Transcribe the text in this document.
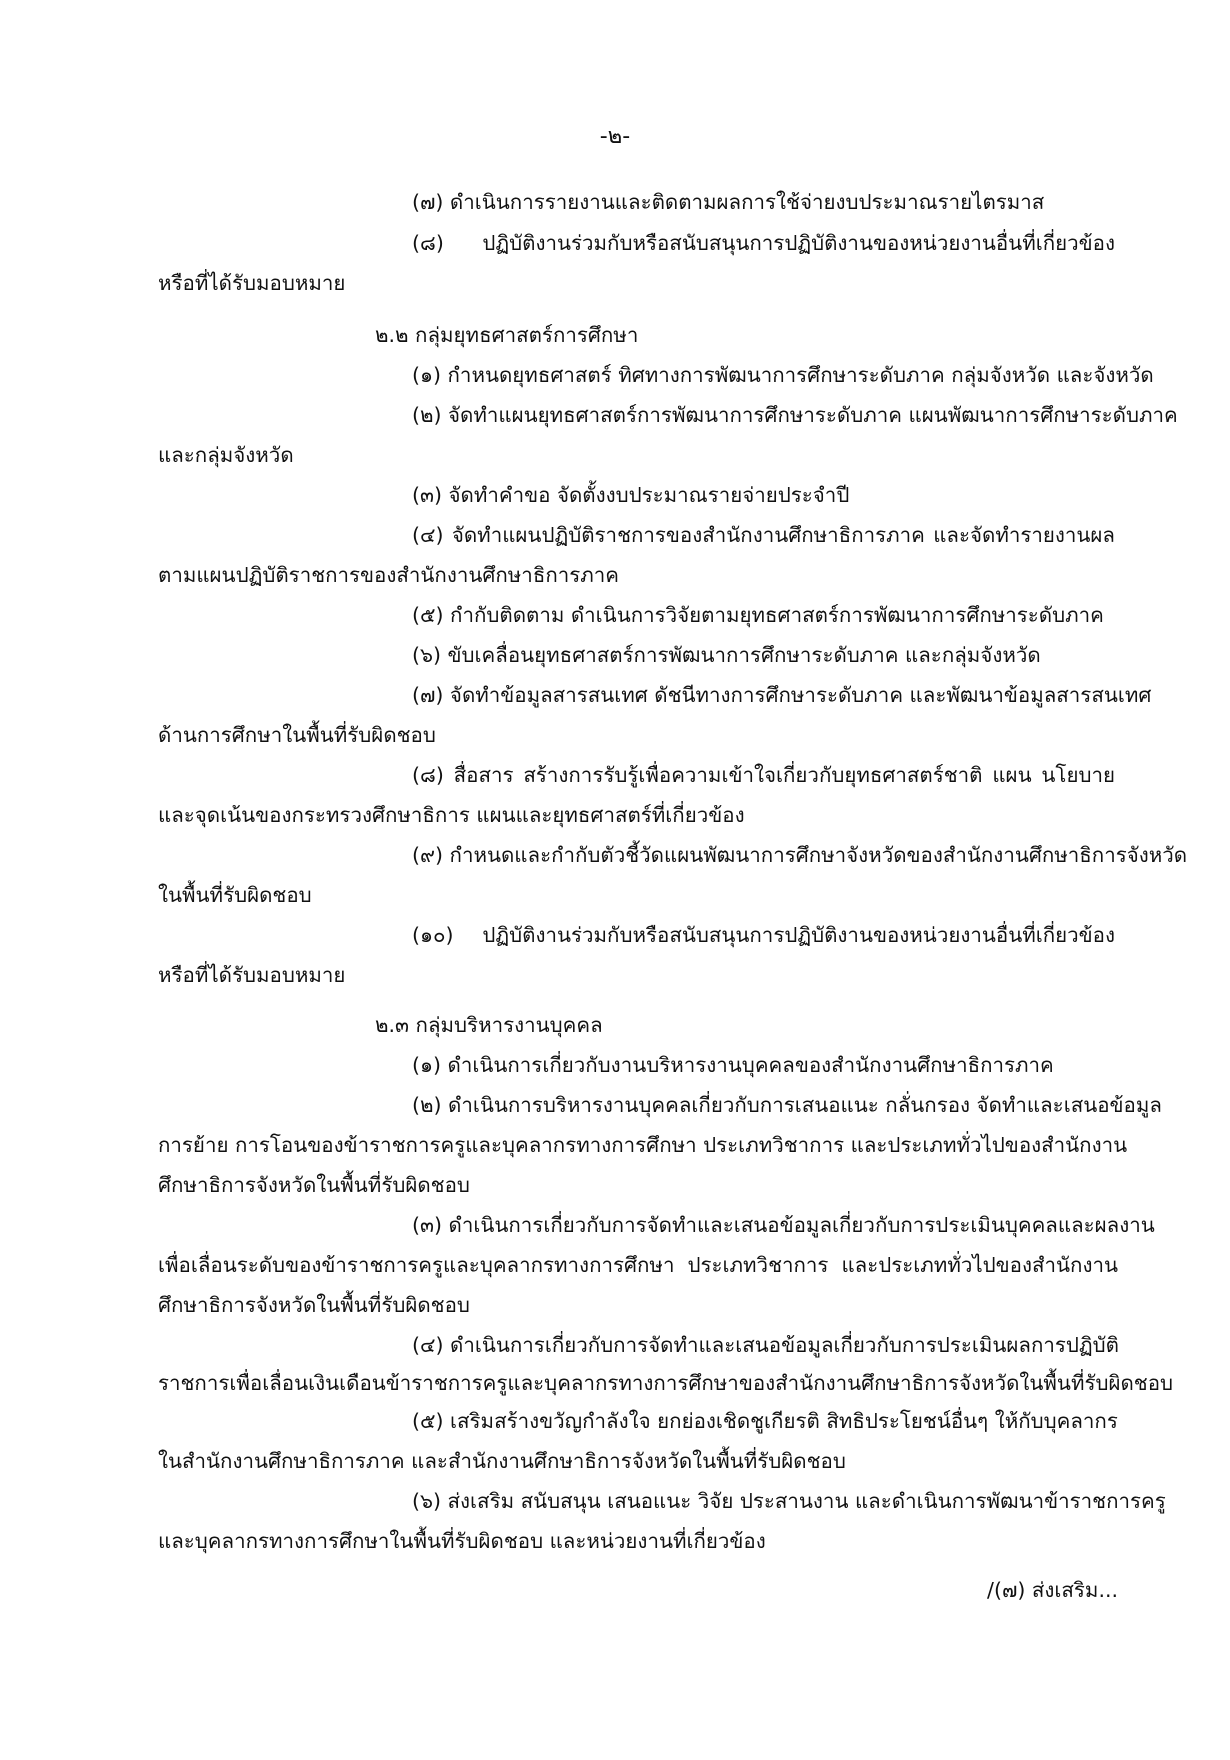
-๒-
(๗) ดำเนินการรายงานและติดตามผลการใช้จ่ายงบประมาณรายไตรมาส
(๘) ปฏิบัติงานร่วมกับหรือสนับสนุนการปฏิบัติงานของหน่วยงานอื่นที่เกี่ยวข้อง
หรือที่ได้รับมอบหมาย
๒.๒ กลุ่มยุทธศาสตร์การศึกษา
(๑) กำหนดยุทธศาสตร์ ทิศทางการพัฒนาการศึกษาระดับภาค กลุ่มจังหวัด และจังหวัด
(๒) จัดทำแผนยุทธศาสตร์การพัฒนาการศึกษาระดับภาค แผนพัฒนาการศึกษาระดับภาค
และกลุ่มจังหวัด
(๓) จัดทำคำขอ จัดตั้งงบประมาณรายจ่ายประจำปี
(๔) จัดทำแผนปฏิบัติราชการของสำนักงานศึกษาธิการภาค และจัดทำรายงานผล
ตามแผนปฏิบัติราชการของสำนักงานศึกษาธิการภาค
(๕) กำกับติดตาม ดำเนินการวิจัยตามยุทธศาสตร์การพัฒนาการศึกษาระดับภาค
(๖) ขับเคลื่อนยุทธศาสตร์การพัฒนาการศึกษาระดับภาค และกลุ่มจังหวัด
(๗) จัดทำข้อมูลสารสนเทศ ดัชนีทางการศึกษาระดับภาค และพัฒนาข้อมูลสารสนเทศ
ด้านการศึกษาในพื้นที่รับผิดชอบ
(๘) สื่อสาร สร้างการรับรู้เพื่อความเข้าใจเกี่ยวกับยุทธศาสตร์ชาติ แผน นโยบาย
และจุดเน้นของกระทรวงศึกษาธิการ แผนและยุทธศาสตร์ที่เกี่ยวข้อง
(๙) กำหนดและกำกับตัวชี้วัดแผนพัฒนาการศึกษาจังหวัดของสำนักงานศึกษาธิการจังหวัด
ในพื้นที่รับผิดชอบ
(๑๐) ปฏิบัติงานร่วมกับหรือสนับสนุนการปฏิบัติงานของหน่วยงานอื่นที่เกี่ยวข้อง
หรือที่ได้รับมอบหมาย
๒.๓ กลุ่มบริหารงานบุคคล
(๑) ดำเนินการเกี่ยวกับงานบริหารงานบุคคลของสำนักงานศึกษาธิการภาค
(๒) ดำเนินการบริหารงานบุคคลเกี่ยวกับการเสนอแนะ กลั่นกรอง จัดทำและเสนอข้อมูล
การย้าย การโอนของข้าราชการครูและบุคลากรทางการศึกษา ประเภทวิชาการ และประเภททั่วไปของสำนักงาน
ศึกษาธิการจังหวัดในพื้นที่รับผิดชอบ
(๓) ดำเนินการเกี่ยวกับการจัดทำและเสนอข้อมูลเกี่ยวกับการประเมินบุคคลและผลงาน
เพื่อเลื่อนระดับของข้าราชการครูและบุคลากรทางการศึกษา ประเภทวิชาการ และประเภททั่วไปของสำนักงาน
ศึกษาธิการจังหวัดในพื้นที่รับผิดชอบ
(๔) ดำเนินการเกี่ยวกับการจัดทำและเสนอข้อมูลเกี่ยวกับการประเมินผลการปฏิบัติ
ราชการเพื่อเลื่อนเงินเดือนข้าราชการครูและบุคลากรทางการศึกษาของสำนักงานศึกษาธิการจังหวัดในพื้นที่รับผิดชอบ
(๕) เสริมสร้างขวัญกำลังใจ ยกย่องเชิดชูเกียรติ สิทธิประโยชน์อื่นๆ ให้กับบุคลากร
ในสำนักงานศึกษาธิการภาค และสำนักงานศึกษาธิการจังหวัดในพื้นที่รับผิดชอบ
(๖) ส่งเสริม สนับสนุน เสนอแนะ วิจัย ประสานงาน และดำเนินการพัฒนาข้าราชการครู
และบุคลากรทางการศึกษาในพื้นที่รับผิดชอบ และหน่วยงานที่เกี่ยวข้อง
/(๗) ส่งเสริม...
